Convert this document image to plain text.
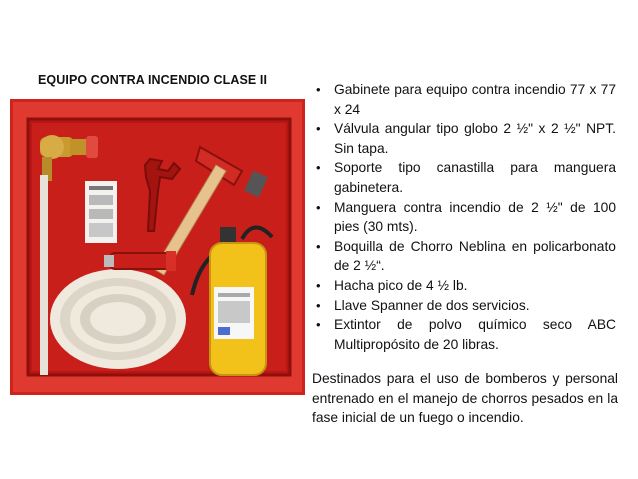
EQUIPO CONTRA INCENDIO CLASE II
• Gabinete para equipo contra incendio 77 x 77 x 24
• Válvula angular tipo globo 2 ½" x 2 ½" NPT. Sin tapa.
• Soporte tipo canastilla para manguera gabinetera.
• Manguera contra incendio de 2 ½" de 100 pies (30 mts).
• Boquilla de Chorro Neblina en policarbonato de 2 ½“.
• Hacha pico de 4 ½ lb.
• Llave Spanner de dos servicios.
• Extintor de polvo químico seco ABC Multipropósito de 20 libras.
Destinados para el uso de bomberos y personal entrenado en el manejo de chorros pesados en la fase inicial de un fuego o incendio.
